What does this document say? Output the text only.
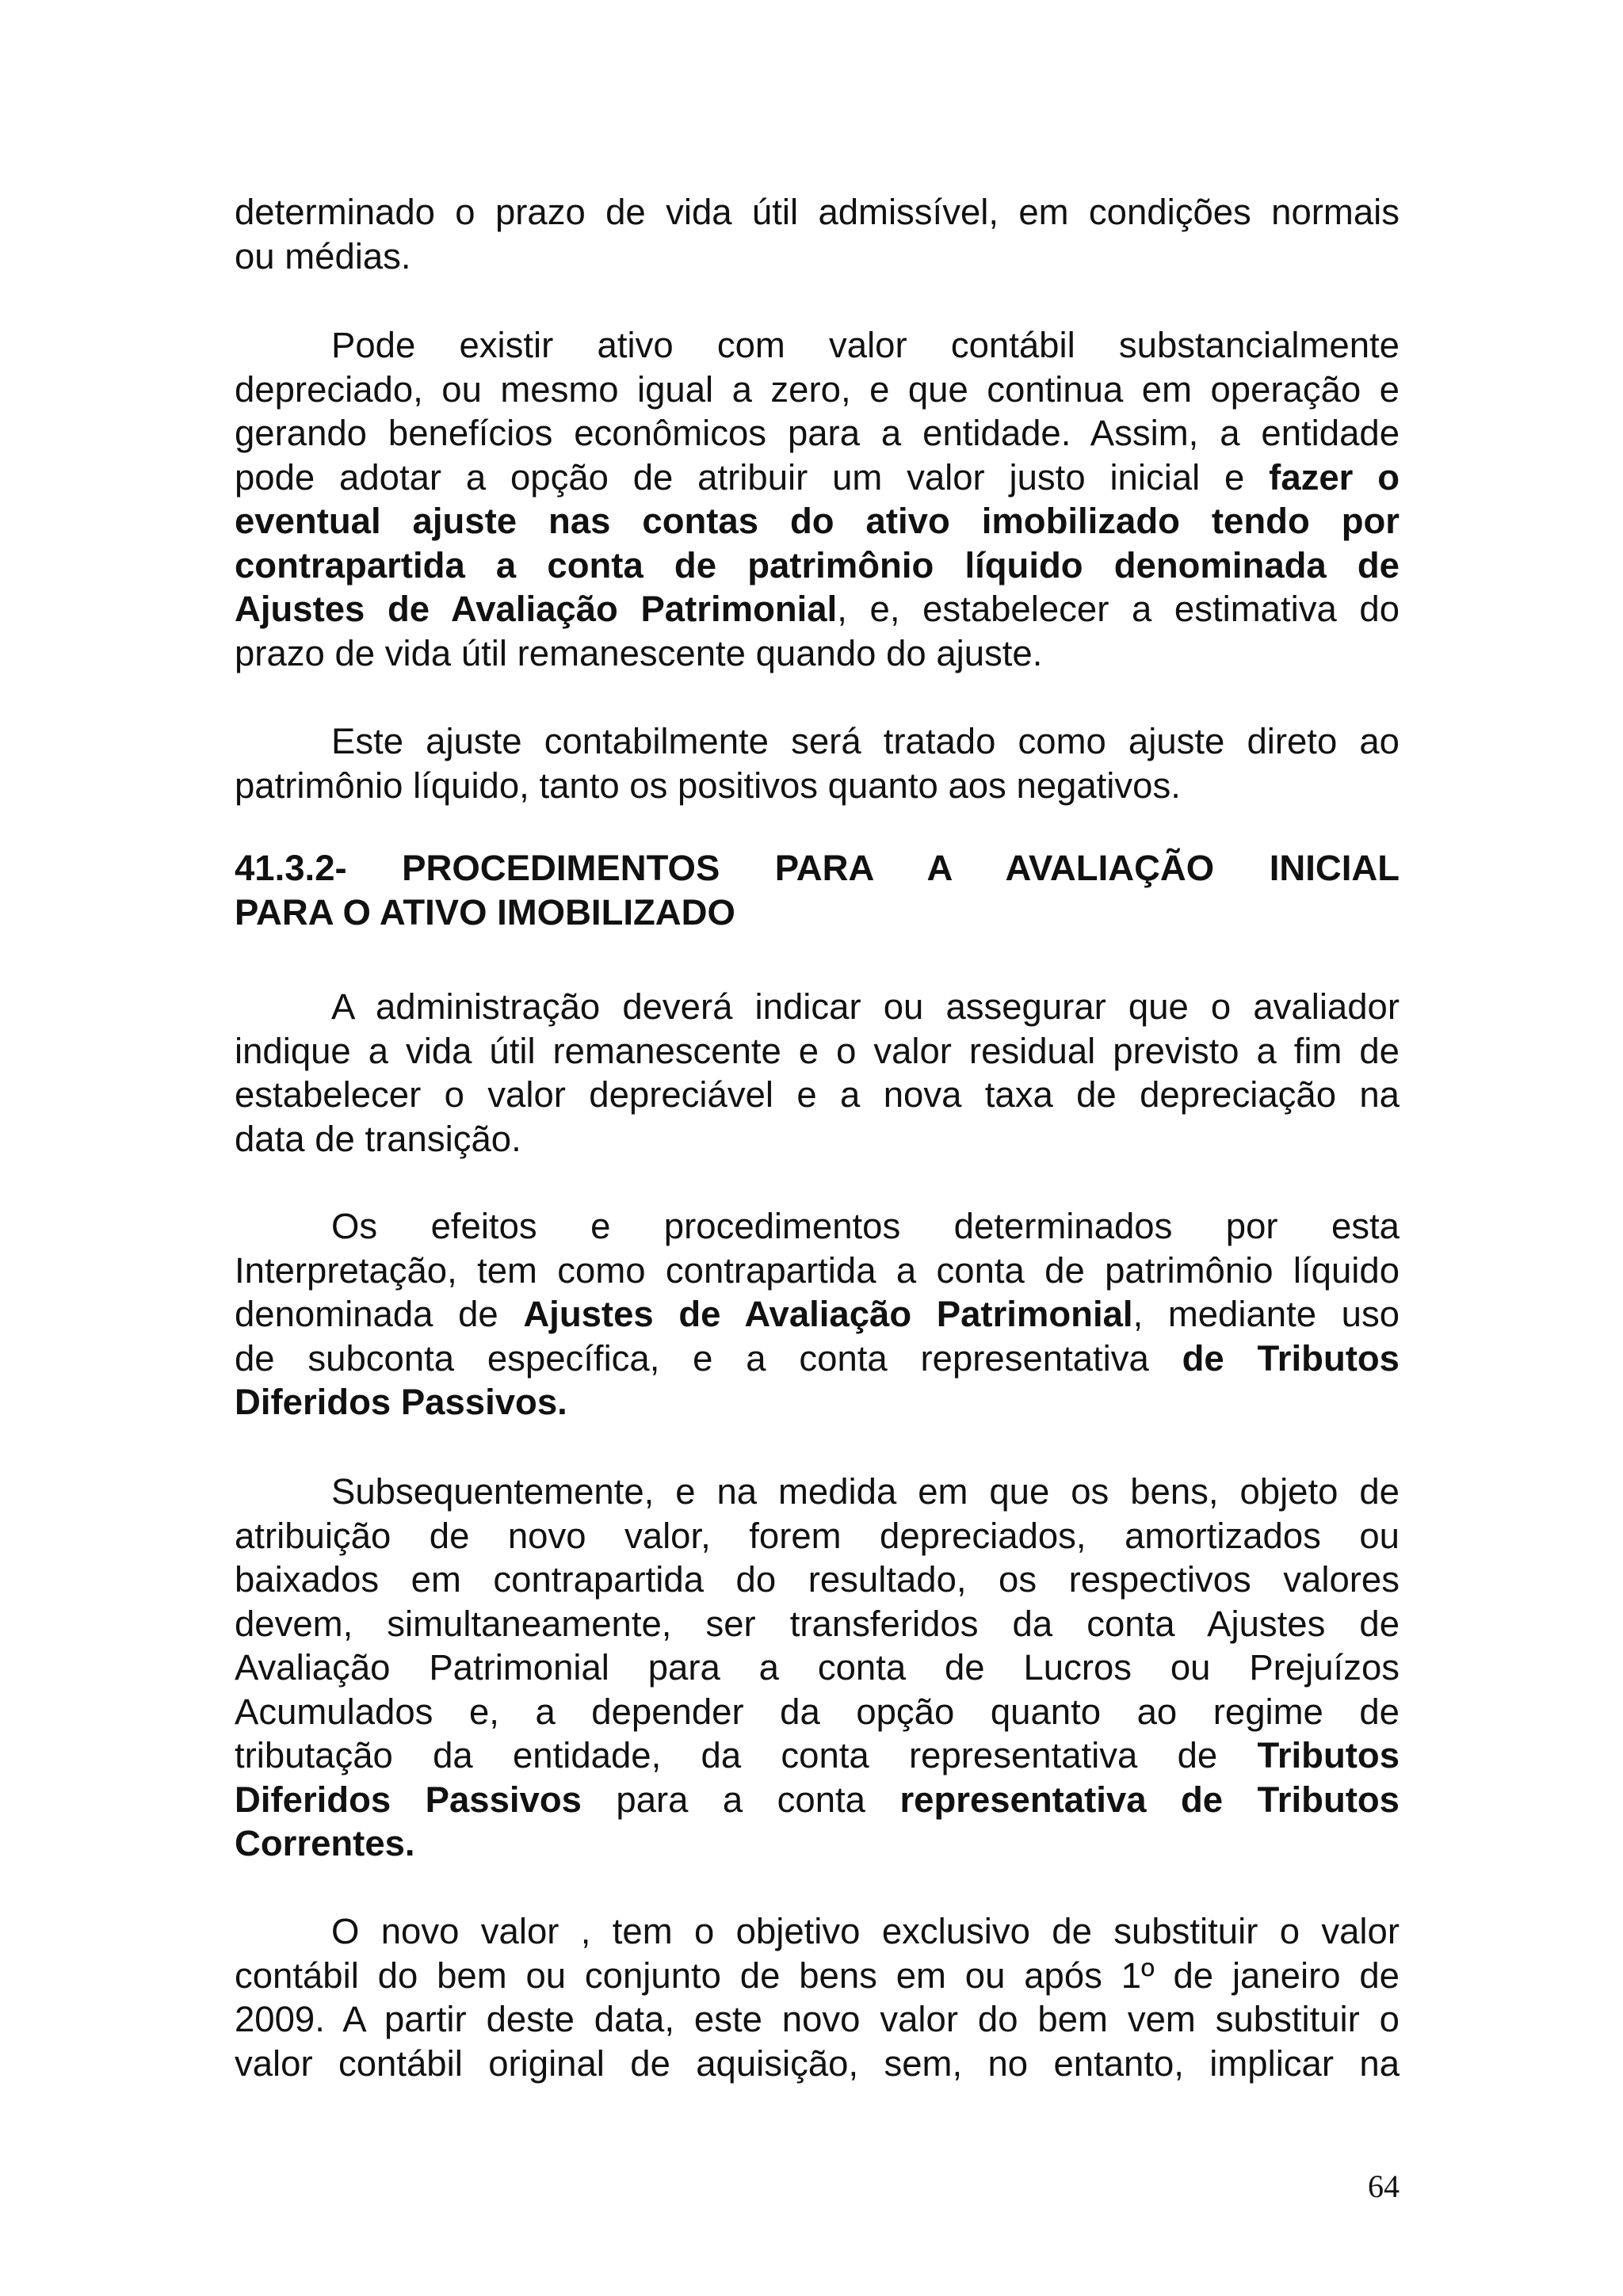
determinado o prazo de vida útil admissível, em condições normais
ou médias.

Pode existir ativo com valor contábil substancialmente
depreciado, ou mesmo igual a zero, e que continua em operação e
gerando benefícios econômicos para a entidade. Assim, a entidade
pode adotar a opção de atribuir um valor justo inicial e fazer o
eventual ajuste nas contas do ativo imobilizado tendo por
contrapartida a conta de patrimônio líquido denominada de
Ajustes de Avaliação Patrimonial, e, estabelecer a estimativa do
prazo de vida útil remanescente quando do ajuste.

Este ajuste contabilmente será tratado como ajuste direto ao
patrimônio líquido, tanto os positivos quanto aos negativos.

41.3.2- PROCEDIMENTOS PARA A AVALIAÇÃO INICIAL
PARA O ATIVO IMOBILIZADO

A administração deverá indicar ou assegurar que o avaliador
indique a vida útil remanescente e o valor residual previsto a fim de
estabelecer o valor depreciável e a nova taxa de depreciação na
data de transição.

Os efeitos e procedimentos determinados por esta
Interpretação, tem como contrapartida a conta de patrimônio líquido
denominada de Ajustes de Avaliação Patrimonial, mediante uso
de subconta específica, e a conta representativa de Tributos
Diferidos Passivos.

Subsequentemente, e na medida em que os bens, objeto de
atribuição de novo valor, forem depreciados, amortizados ou
baixados em contrapartida do resultado, os respectivos valores
devem, simultaneamente, ser transferidos da conta Ajustes de
Avaliação Patrimonial para a conta de Lucros ou Prejuízos
Acumulados e, a depender da opção quanto ao regime de
tributação da entidade, da conta representativa de Tributos
Diferidos Passivos para a conta representativa de Tributos
Correntes.

O novo valor , tem o objetivo exclusivo de substituir o valor
contábil do bem ou conjunto de bens em ou após 1º de janeiro de
2009. A partir deste data, este novo valor do bem vem substituir o
valor contábil original de aquisição, sem, no entanto, implicar na

64
